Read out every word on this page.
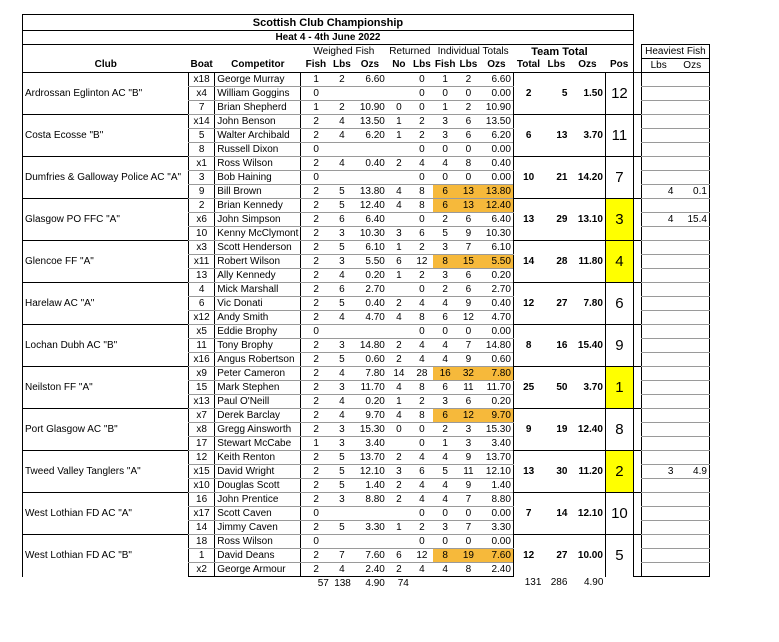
Scottish Club Championship																	
Heat 4 - 4th June 2022																	
			Weighed Fish			Returned		Individual Totals			Team Total					Heaviest Fish	
Club	Boat	Competitor	Fish	Lbs	Ozs	No	Lbs	Fish	Lbs	Ozs	Total	Lbs	Ozs	Pos		Lbs	Ozs
Ardrossan Eglinton AC "B"	x18	George Murray	1	2	6.60		0	1	2	6.60	2	5	1.50	12			
	x4	William Goggins	0				0	0	0	0.00							
	7	Brian Shepherd	1	2	10.90	0	0	1	2	10.90							
Costa Ecosse "B"	x14	John Benson	2	4	13.50	1	2	3	6	13.50	6	13	3.70	11			
	5	Walter Archibald	2	4	6.20	1	2	3	6	6.20							
	8	Russell Dixon	0				0	0	0	0.00							
Dumfries & Galloway Police AC "A"	x1	Ross Wilson	2	4	0.40	2	4	4	8	0.40	10	21	14.20	7			
	3	Bob Haining	0				0	0	0	0.00							
	9	Bill Brown	2	5	13.80	4	8	6	13	13.80						4	0.1
Glasgow PO FFC "A"	2	Brian Kennedy	2	5	12.40	4	8	6	13	12.40	13	29	13.10	3			
	x6	John Simpson	2	6	6.40		0	2	6	6.40						4	15.4
	10	Kenny McClymont	2	3	10.30	3	6	5	9	10.30							
Glencoe FF "A"	x3	Scott Henderson	2	5	6.10	1	2	3	7	6.10	14	28	11.80	4			
	x11	Robert Wilson	2	3	5.50	6	12	8	15	5.50							
	13	Ally Kennedy	2	4	0.20	1	2	3	6	0.20							
Harelaw AC "A"	4	Mick Marshall	2	6	2.70		0	2	6	2.70	12	27	7.80	6			
	6	Vic Donati	2	5	0.40	2	4	4	9	0.40							
	x12	Andy Smith	2	4	4.70	4	8	6	12	4.70							
Lochan Dubh AC "B"	x5	Eddie Brophy	0				0	0	0	0.00	8	16	15.40	9			
	11	Tony Brophy	2	3	14.80	2	4	4	7	14.80							
	x16	Angus Robertson	2	5	0.60	2	4	4	9	0.60							
Neilston FF "A"	x9	Peter Cameron	2	4	7.80	14	28	16	32	7.80	25	50	3.70	1			
	15	Mark Stephen	2	3	11.70	4	8	6	11	11.70							
	x13	Paul O'Neill	2	4	0.20	1	2	3	6	0.20							
Port Glasgow AC "B"	x7	Derek Barclay	2	4	9.70	4	8	6	12	9.70	9	19	12.40	8			
	x8	Gregg Ainsworth	2	3	15.30	0	0	2	3	15.30							
	17	Stewart McCabe	1	3	3.40		0	1	3	3.40							
Tweed Valley Tanglers "A"	12	Keith Renton	2	5	13.70	2	4	4	9	13.70	13	30	11.20	2			
	x15	David Wright	2	5	12.10	3	6	5	11	12.10						3	4.9
	x10	Douglas Scott	2	5	1.40	2	4	4	9	1.40							
West Lothian FD AC "A"	16	John Prentice	2	3	8.80	2	4	4	7	8.80	7	14	12.10	10			
	x17	Scott Caven	0				0	0	0	0.00							
	14	Jimmy Caven	2	5	3.30	1	2	3	7	3.30							
West Lothian FD AC "B"	18	Ross Wilson	0				0	0	0	0.00	12	27	10.00	5			
	1	David Deans	2	7	7.60	6	12	8	19	7.60							
	x2	George Armour	2	4	2.40	2	4	4	8	2.40							
			57	138	4.90	74					131	286	4.90				
